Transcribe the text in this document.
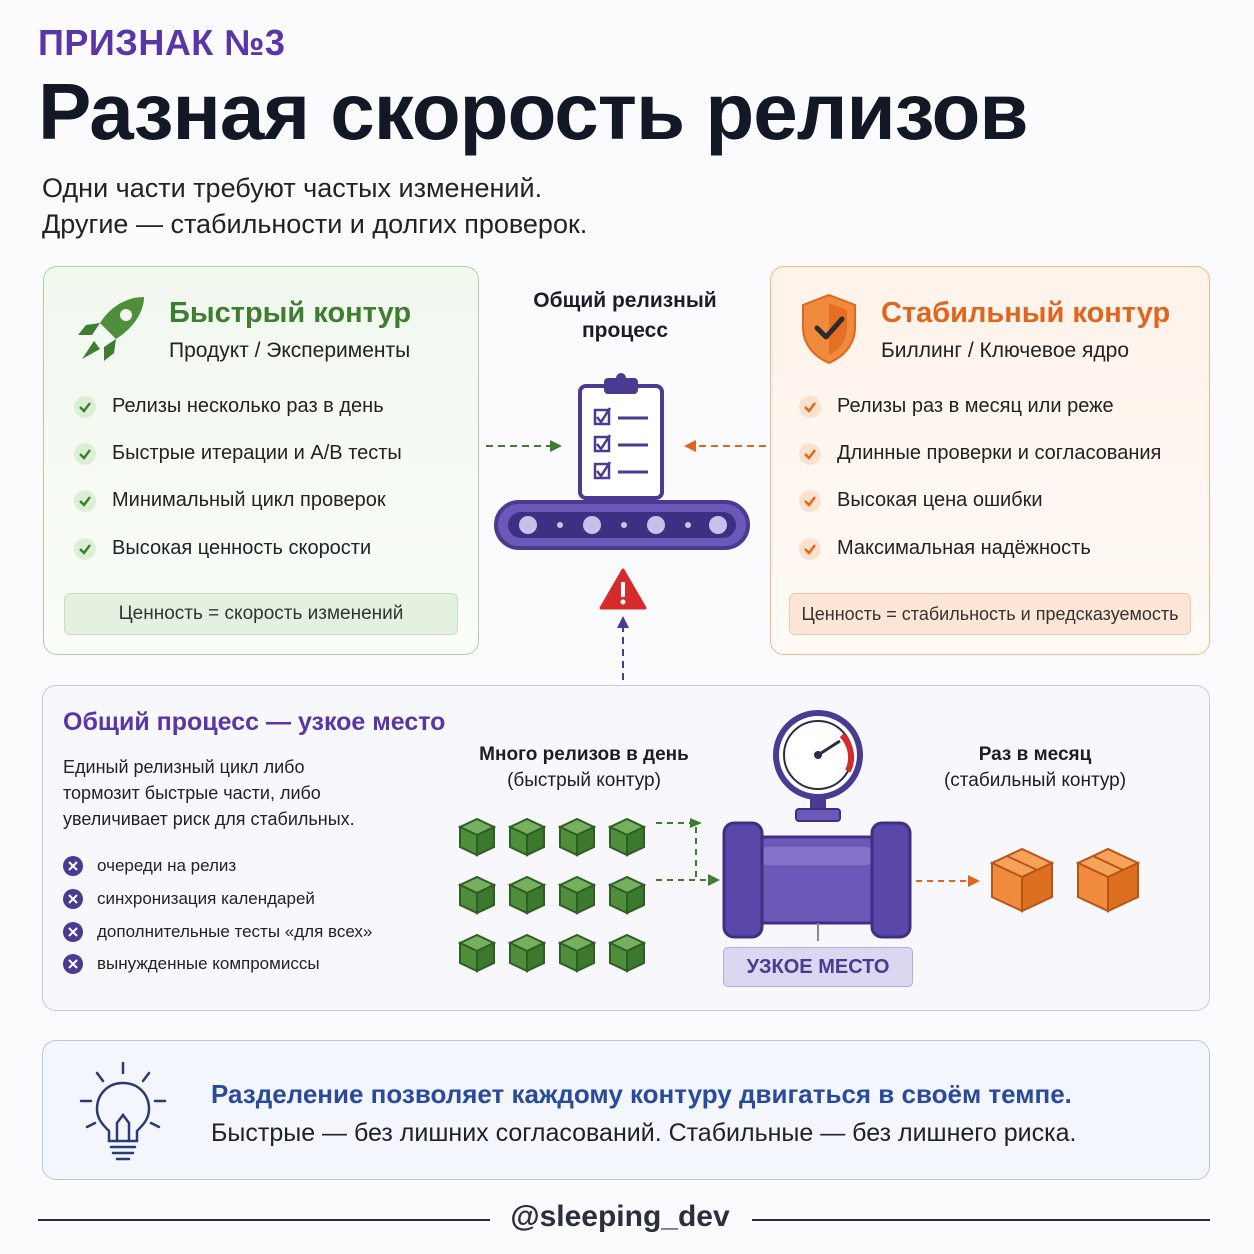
ПРИЗНАК №3
Разная скорость релизов
Одни части требуют частых изменений.
Другие — стабильности и долгих проверок.
Быстрый контур
Продукт / Эксперименты
Релизы несколько раз в день
Быстрые итерации и A/B тесты
Минимальный цикл проверок
Высокая ценность скорости
Ценность = скорость изменений
Общий релизный
процесс
Стабильный контур
Биллинг / Ключевое ядро
Релизы раз в месяц или реже
Длинные проверки и согласования
Высокая цена ошибки
Максимальная надёжность
Ценность = стабильность и предсказуемость
Общий процесс — узкое место
Единый релизный цикл либо
тормозит быстрые части, либо
увеличивает риск для стабильных.
очереди на релиз
синхронизация календарей
дополнительные тесты «для всех»
вынужденные компромиссы
Много релизов в день
(быстрый контур)
Раз в месяц
(стабильный контур)
УЗКОЕ МЕСТО
Разделение позволяет каждому контуру двигаться в своём темпе.
Быстрые — без лишних согласований. Стабильные — без лишнего риска.
@sleeping_dev
